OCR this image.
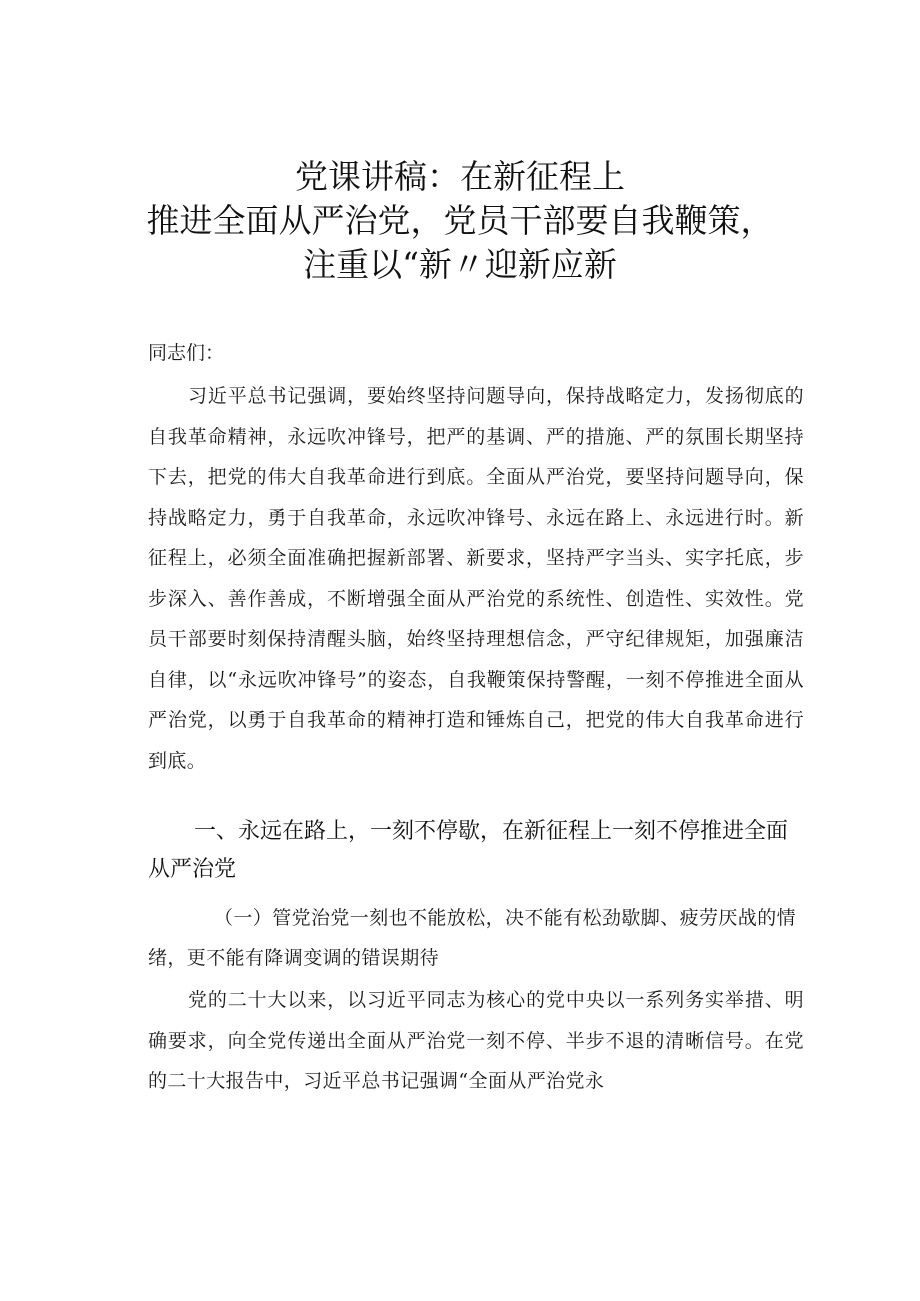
党课讲稿：在新征程上
推进全面从严治党，党员干部要自我鞭策，
注重以“新〃迎新应新
同志们：

习近平总书记强调，要始终坚持问题导向，保持战略定力，发扬彻底的自我革命精神，永远吹冲锋号，把严的基调、严的措施、严的氛围长期坚持下去，把党的伟大自我革命进行到底。全面从严治党，要坚持问题导向，保持战略定力，勇于自我革命，永远吹冲锋号、永远在路上、永远进行时。新征程上，必须全面准确把握新部署、新要求，坚持严字当头、实字托底，步步深入、善作善成，不断增强全面从严治党的系统性、创造性、实效性。党员干部要时刻保持清醒头脑，始终坚持理想信念，严守纪律规矩，加强廉洁自律，以“永远吹冲锋号”的姿态，自我鞭策保持警醒，一刻不停推进全面从严治党，以勇于自我革命的精神打造和锤炼自己，把党的伟大自我革命进行到底。

一、永远在路上，一刻不停歇，在新征程上一刻不停推进全面从严治党

（一）管党治党一刻也不能放松，决不能有松劲歇脚、疲劳厌战的情绪，更不能有降调变调的错误期待

党的二十大以来，以习近平同志为核心的党中央以一系列务实举措、明确要求，向全党传递出全面从严治党一刻不停、半步不退的清晰信号。在党的二十大报告中，习近平总书记强调“全面从严治党永
